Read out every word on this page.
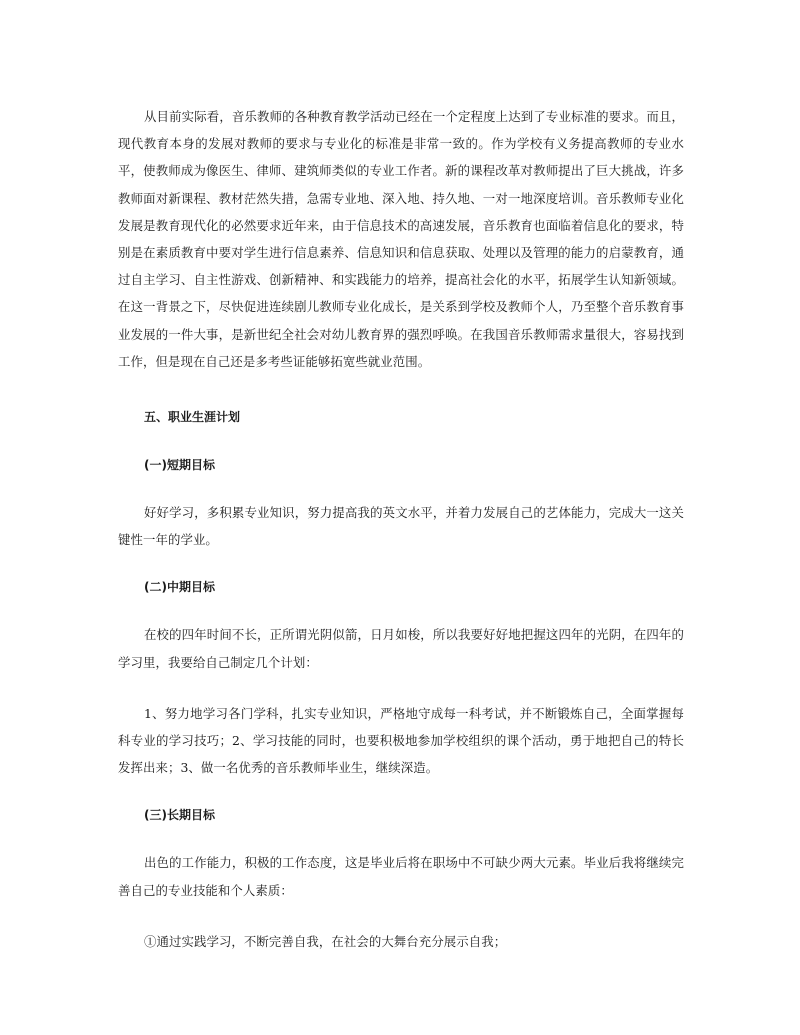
从目前实际看，音乐教师的各种教育教学活动已经在一个定程度上达到了专业标准的要求。而且，现代教育本身的发展对教师的要求与专业化的标准是非常一致的。作为学校有义务提高教师的专业水平，使教师成为像医生、律师、建筑师类似的专业工作者。新的课程改革对教师提出了巨大挑战，许多教师面对新课程、教材茫然失措，急需专业地、深入地、持久地、一对一地深度培训。音乐教师专业化发展是教育现代化的必然要求近年来，由于信息技术的高速发展，音乐教育也面临着信息化的要求，特别是在素质教育中要对学生进行信息素养、信息知识和信息获取、处理以及管理的能力的启蒙教育，通过自主学习、自主性游戏、创新精神、和实践能力的培养，提高社会化的水平，拓展学生认知新领域。在这一背景之下，尽快促进连续剧儿教师专业化成长，是关系到学校及教师个人，乃至整个音乐教育事业发展的一件大事，是新世纪全社会对幼儿教育界的强烈呼唤。在我国音乐教师需求量很大，容易找到工作，但是现在自己还是多考些证能够拓宽些就业范围。

五、职业生涯计划

(一)短期目标

好好学习，多积累专业知识，努力提高我的英文水平，并着力发展自己的艺体能力，完成大一这关键性一年的学业。

(二)中期目标

在校的四年时间不长，正所谓光阴似箭，日月如梭，所以我要好好地把握这四年的光阴，在四年的学习里，我要给自己制定几个计划：

1、努力地学习各门学科，扎实专业知识，严格地守成每一科考试，并不断锻炼自己，全面掌握每科专业的学习技巧；2、学习技能的同时，也要积极地参加学校组织的课个活动，勇于地把自己的特长发挥出来；3、做一名优秀的音乐教师毕业生，继续深造。

(三)长期目标

出色的工作能力，积极的工作态度，这是毕业后将在职场中不可缺少两大元素。毕业后我将继续完善自己的专业技能和个人素质：

①通过实践学习，不断完善自我，在社会的大舞台充分展示自我；
